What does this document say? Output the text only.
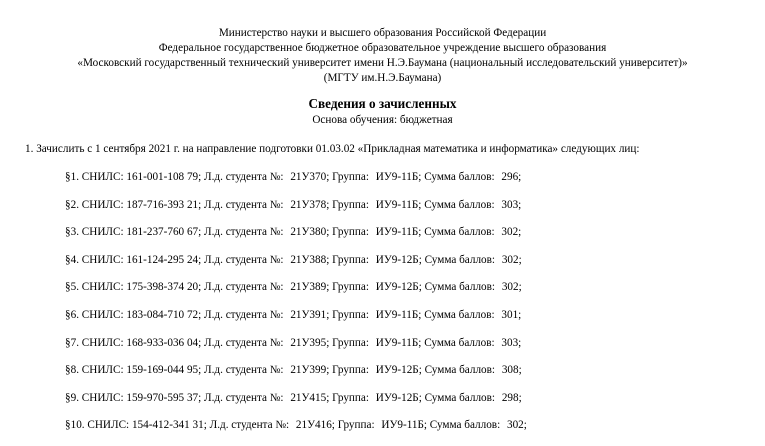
Министерство науки и высшего образования Российской Федерации
Федеральное государственное бюджетное образовательное учреждение высшего образования
«Московский государственный технический университет имени Н.Э.Баумана (национальный исследовательский университет)»
(МГТУ им.Н.Э.Баумана)
Сведения о зачисленных
Основа обучения: бюджетная
1. Зачислить с 1 сентября 2021 г. на направление подготовки 01.03.02 «Прикладная математика и информатика» следующих лиц:
§1. СНИЛС: 161-001-108 79; Л.д. студента №: 21У370; Группа: ИУ9-11Б; Сумма баллов: 296;
§2. СНИЛС: 187-716-393 21; Л.д. студента №: 21У378; Группа: ИУ9-11Б; Сумма баллов: 303;
§3. СНИЛС: 181-237-760 67; Л.д. студента №: 21У380; Группа: ИУ9-11Б; Сумма баллов: 302;
§4. СНИЛС: 161-124-295 24; Л.д. студента №: 21У388; Группа: ИУ9-12Б; Сумма баллов: 302;
§5. СНИЛС: 175-398-374 20; Л.д. студента №: 21У389; Группа: ИУ9-12Б; Сумма баллов: 302;
§6. СНИЛС: 183-084-710 72; Л.д. студента №: 21У391; Группа: ИУ9-11Б; Сумма баллов: 301;
§7. СНИЛС: 168-933-036 04; Л.д. студента №: 21У395; Группа: ИУ9-11Б; Сумма баллов: 303;
§8. СНИЛС: 159-169-044 95; Л.д. студента №: 21У399; Группа: ИУ9-12Б; Сумма баллов: 308;
§9. СНИЛС: 159-970-595 37; Л.д. студента №: 21У415; Группа: ИУ9-12Б; Сумма баллов: 298;
§10. СНИЛС: 154-412-341 31; Л.д. студента №: 21У416; Группа: ИУ9-11Б; Сумма баллов: 302;
